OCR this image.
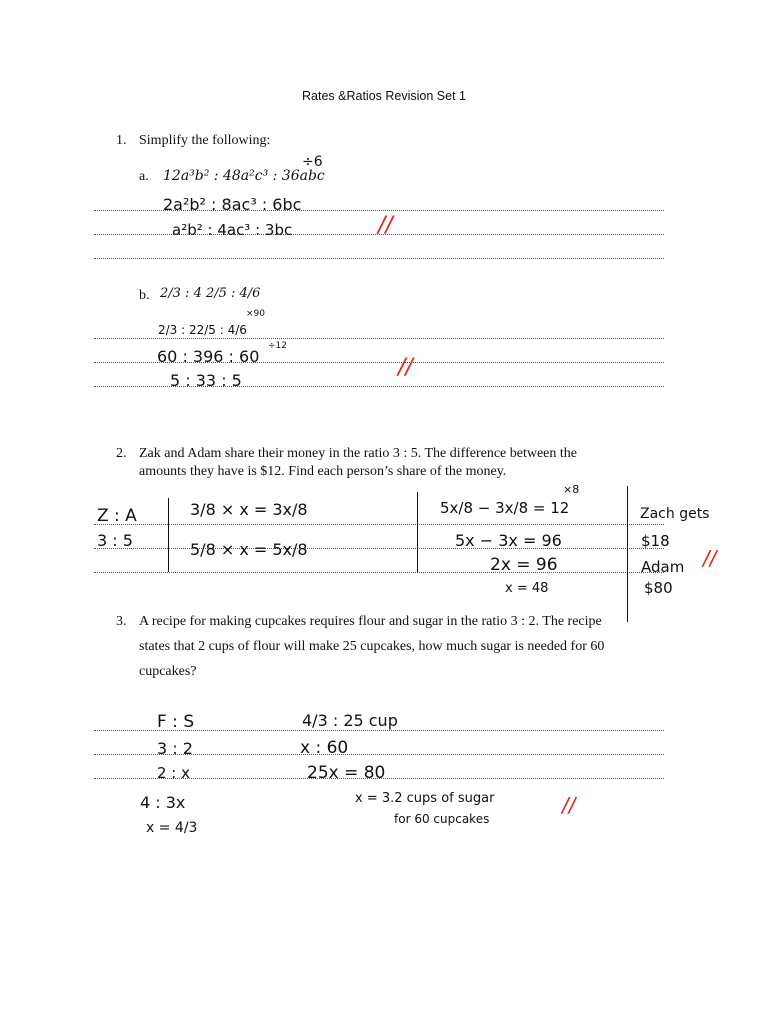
Rates &Ratios Revision Set 1
1. Simplify the following:
a. 12a³b² : 48a²c³ : 36abc
b. 2/3 : 4 2/5 : 4/6
2. Zak and Adam share their money in the ratio 3 : 5. The difference between the
amounts they have is $12. Find each person’s share of the money.
3. A recipe for making cupcakes requires flour and sugar in the ratio 3 : 2. The recipe
states that 2 cups of flour will make 25 cupcakes, how much sugar is needed for 60
cupcakes?
÷6
2a²b² : 8ac³ : 6bc
a²b² : 4ac³ : 3bc	//
2/3 : 22/5 : 4/6
×90
60 : 396 : 60
÷12
5 : 33 : 5
//
Z : A
3 : 5
3/8 × x = 3x/8
5/8 × x = 5x/8
×8
5x/8 − 3x/8 = 12
5x − 3x = 96
2x = 96
x = 48
Zach gets
$18
Adam
$80
//
F : S
3 : 2
2 : x
4 : 3x
x = 4/3
4/3 : 25 cup
x : 60
25x = 80
x = 3.2 cups of sugar
for 60 cupcakes
//
